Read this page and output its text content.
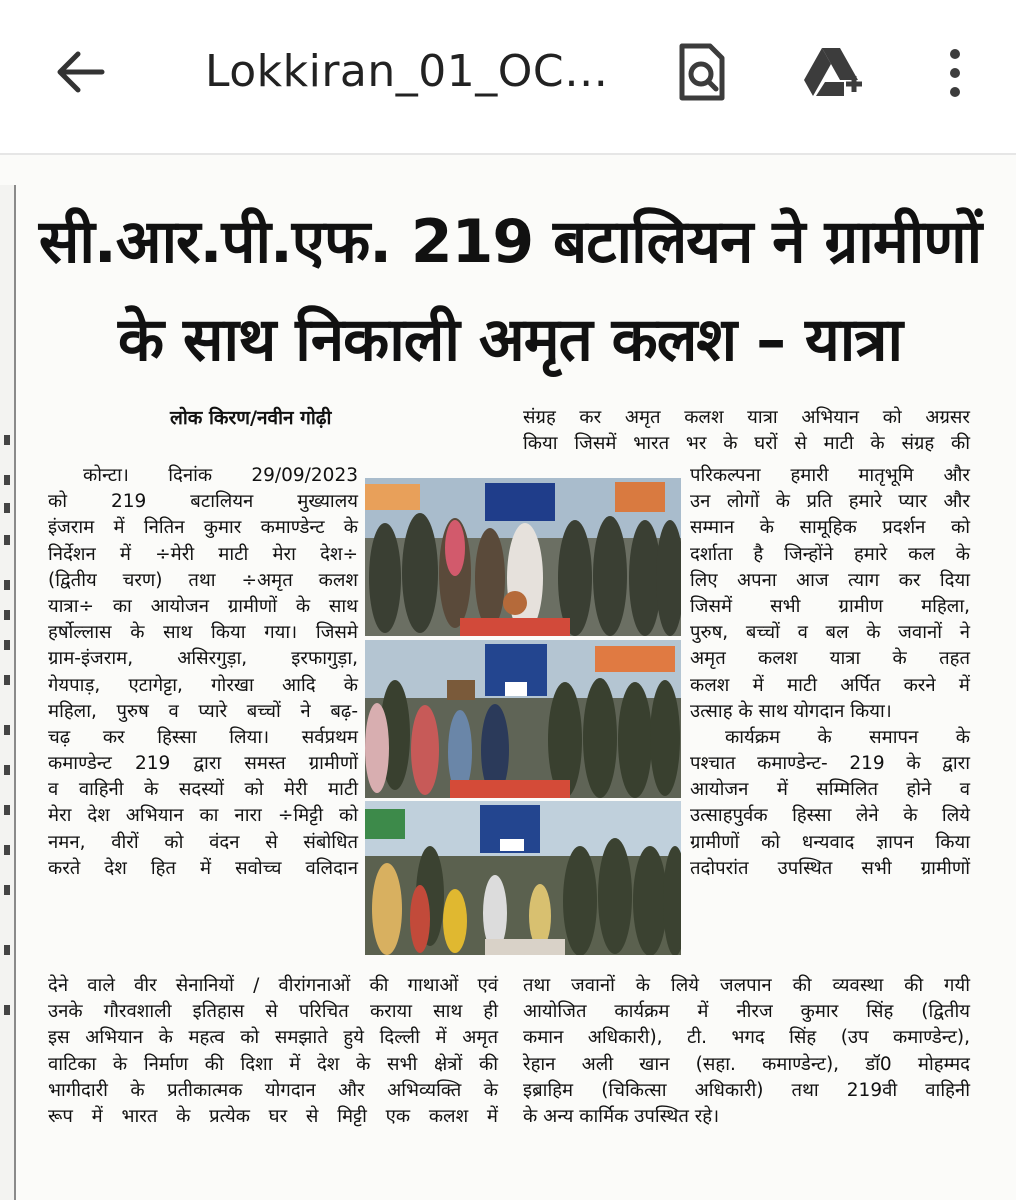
Lokkiran_01_OC…
सी.आर.पी.एफ. 219 बटालियन ने ग्रामीणों
के साथ निकाली अमृत कलश – यात्रा
लोक किरण/नवीन गोढ़ी	संग्रह कर अमृत कलश यात्रा अभियान को अग्रसर
किया जिसमें भारत भर के घरों से माटी के संग्रह की
कोन्टा। दिनांक 29/09/2023
को 219 बटालियन मुख्यालय
इंजराम में नितिन कुमार कमाण्डेन्ट के
निर्देशन में ÷मेरी माटी मेरा देश÷
(द्वितीय चरण) तथा ÷अमृत कलश
यात्रा÷ का आयोजन ग्रामीणों के साथ
हर्षोल्लास के साथ किया गया। जिसमे
ग्राम-इंजराम, असिरगुड़ा, इरफागुड़ा,
गेयपाड़, एटागेट्टा, गोरखा आदि के
महिला, पुरुष व प्यारे बच्चों ने बढ़-
चढ़ कर हिस्सा लिया। सर्वप्रथम
कमाण्डेन्ट 219 द्वारा समस्त ग्रामीणों
व वाहिनी के सदस्यों को मेरी माटी
मेरा देश अभियान का नारा ÷मिट्टी को
नमन, वीरों को वंदन से संबोधित
करते देश हित में सवोच्च वलिदान
परिकल्पना हमारी मातृभूमि और
उन लोगों के प्रति हमारे प्यार और
सम्मान के सामूहिक प्रदर्शन को
दर्शाता है जिन्होंने हमारे कल के
लिए अपना आज त्याग कर दिया
जिसमें सभी ग्रामीण महिला,
पुरुष, बच्चों व बल के जवानों ने
अमृत कलश यात्रा के तहत
कलश में माटी अर्पित करने में
उत्साह के साथ योगदान किया।
कार्यक्रम के समापन के
पश्चात कमाण्डेन्ट- 219 के द्वारा
आयोजन में सम्मिलित होने व
उत्साहपुर्वक हिस्सा लेने के लिये
ग्रामीणों को धन्यवाद ज्ञापन किया
तदोपरांत उपस्थित सभी ग्रामीणों
देने वाले वीर सेनानियों / वीरांगनाओं की गाथाओं एवं
उनके गौरवशाली इतिहास से परिचित कराया साथ ही
इस अभियान के महत्व को समझाते हुये दिल्ली में अमृत
वाटिका के निर्माण की दिशा में देश के सभी क्षेत्रों की
भागीदारी के प्रतीकात्मक योगदान और अभिव्यक्ति के
रूप में भारत के प्रत्येक घर से मिट्टी एक कलश में
तथा जवानों के लिये जलपान की व्यवस्था की गयी
आयोजित कार्यक्रम में नीरज कुमार सिंह (द्वितीय
कमान अधिकारी), टी. भगद सिंह (उप कमाण्डेन्ट),
रेहान अली खान (सहा. कमाण्डेन्ट), डॉ0 मोहम्मद
इब्राहिम (चिकित्सा अधिकारी) तथा 219वी वाहिनी
के अन्य कार्मिक उपस्थित रहे।
